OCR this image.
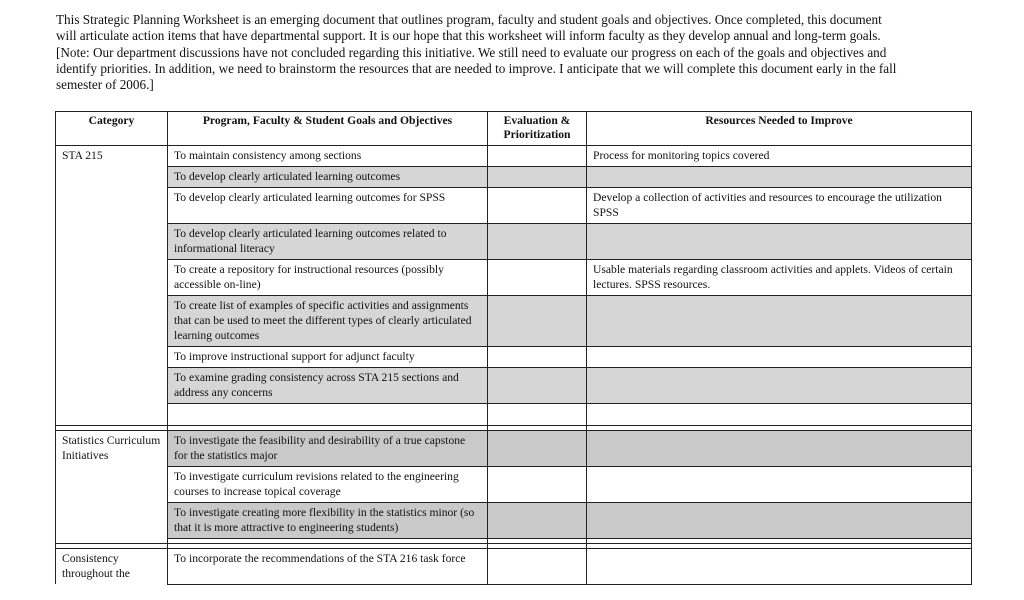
This Strategic Planning Worksheet is an emerging document that outlines program, faculty and student goals and objectives. Once completed, this document

will articulate action items that have departmental support. It is our hope that this worksheet will inform faculty as they develop annual and long-term goals.

[Note: Our department discussions have not concluded regarding this initiative. We still need to evaluate our progress on each of the goals and objectives and

identify priorities. In addition, we need to brainstorm the resources that are needed to improve. I anticipate that we will complete this document early in the fall

semester of 2006.]

Category	Program, Faculty & Student Goals and Objectives	Evaluation & Prioritization	Resources Needed to Improve
STA 215	To maintain consistency among sections		Process for monitoring topics covered
	To develop clearly articulated learning outcomes		
	To develop clearly articulated learning outcomes for SPSS		Develop a collection of activities and resources to encourage the utilization SPSS
	To develop clearly articulated learning outcomes related to informational literacy		
	To create a repository for instructional resources (possibly accessible on-line)		Usable materials regarding classroom activities and applets. Videos of certain lectures. SPSS resources.
	To create list of examples of specific activities and assignments that can be used to meet the different types of clearly articulated learning outcomes		
	To improve instructional support for adjunct faculty		
	To examine grading consistency across STA 215 sections and address any concerns		

Statistics Curriculum Initiatives	To investigate the feasibility and desirability of a true capstone for the statistics major		
	To investigate curriculum revisions related to the engineering courses to increase topical coverage		
	To investigate creating more flexibility in the statistics minor (so that it is more attractive to engineering students)		

Consistency throughout the	To incorporate the recommendations of the STA 216 task force		
